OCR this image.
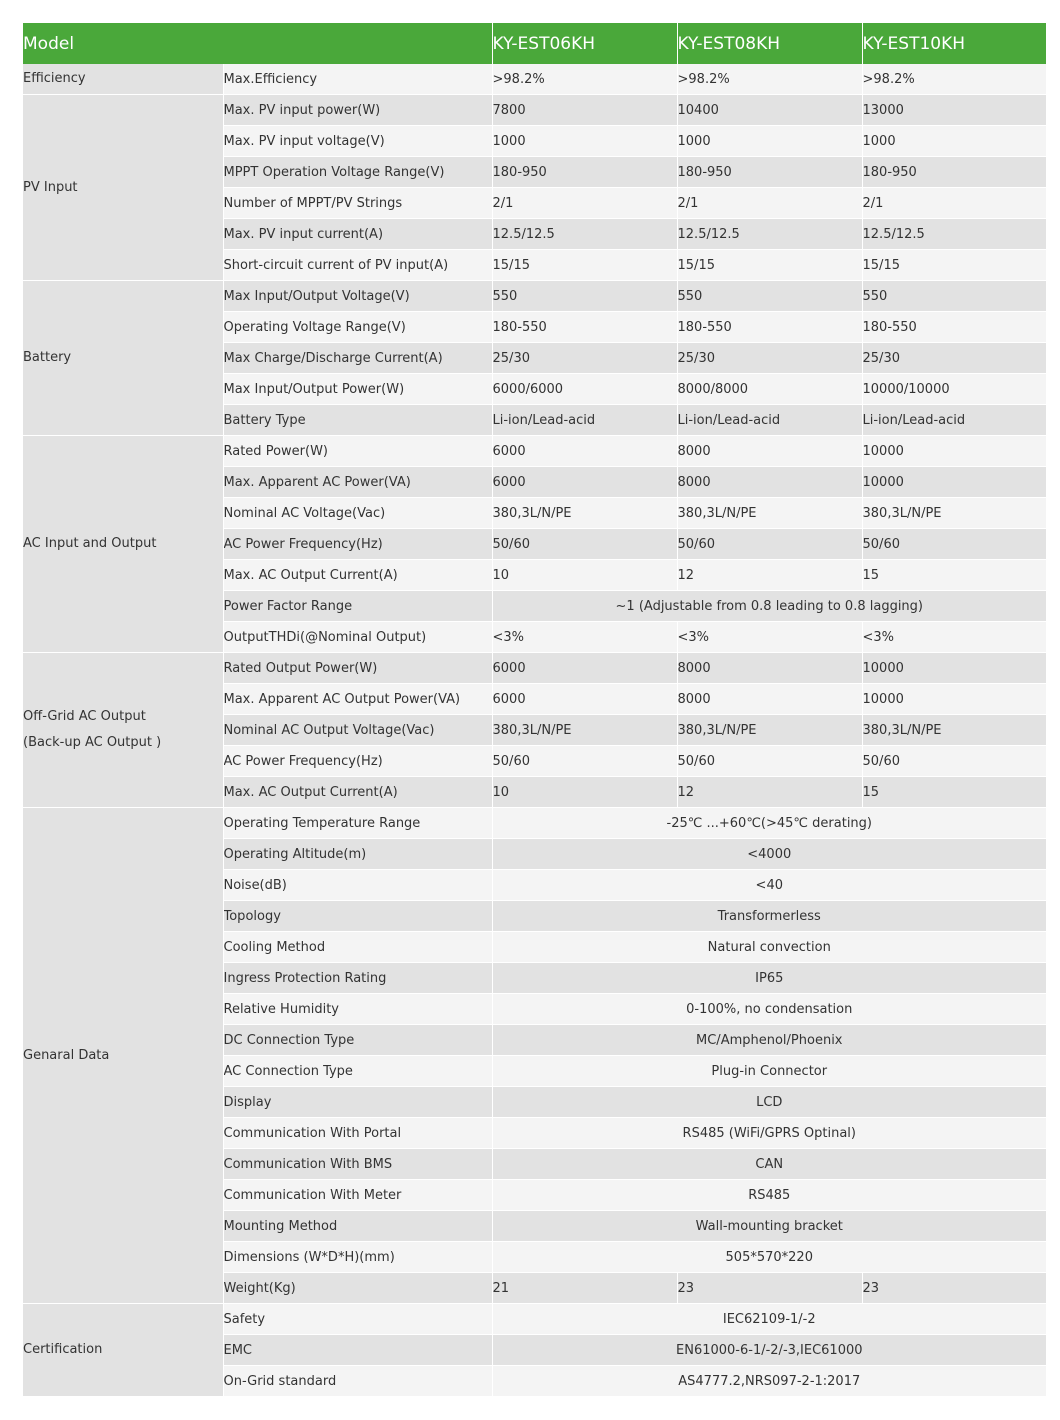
Model		KY-EST06KH	KY-EST08KH	KY-EST10KH

Efficiency	Max.Efficiency	>98.2%	>98.2%	>98.2%

PV Input	Max. PV input power(W)	7800	10400	13000
	Max. PV input voltage(V)	1000	1000	1000
	MPPT Operation Voltage Range(V)	180-950	180-950	180-950
	Number of MPPT/PV Strings	2/1	2/1	2/1
	Max. PV input current(A)	12.5/12.5	12.5/12.5	12.5/12.5
	Short-circuit current of PV input(A)	15/15	15/15	15/15

Battery	Max Input/Output Voltage(V)	550	550	550
	Operating Voltage Range(V)	180-550	180-550	180-550
	Max Charge/Discharge Current(A)	25/30	25/30	25/30
	Max Input/Output Power(W)	6000/6000	8000/8000	10000/10000
	Battery Type	Li-ion/Lead-acid	Li-ion/Lead-acid	Li-ion/Lead-acid

AC Input and Output	Rated Power(W)	6000	8000	10000
	Max. Apparent AC Power(VA)	6000	8000	10000
	Nominal AC Voltage(Vac)	380,3L/N/PE	380,3L/N/PE	380,3L/N/PE
	AC Power Frequency(Hz)	50/60	50/60	50/60
	Max. AC Output Current(A)	10	12	15
	Power Factor Range	~1 (Adjustable from 0.8 leading to 0.8 lagging)		
	OutputTHDi(@Nominal Output)	<3%	<3%	<3%

Off-Grid AC Output
(Back-up AC Output )	Rated Output Power(W)	6000	8000	10000
	Max. Apparent AC Output Power(VA)	6000	8000	10000
	Nominal AC Output Voltage(Vac)	380,3L/N/PE	380,3L/N/PE	380,3L/N/PE
	AC Power Frequency(Hz)	50/60	50/60	50/60
	Max. AC Output Current(A)	10	12	15

Genaral Data	Operating Temperature Range	-25℃ ...+60℃(>45℃ derating)		
	Operating Altitude(m)	<4000		
	Noise(dB)	<40		
	Topology	Transformerless		
	Cooling Method	Natural convection		
	Ingress Protection Rating	IP65		
	Relative Humidity	0-100%, no condensation		
	DC Connection Type	MC/Amphenol/Phoenix		
	AC Connection Type	Plug-in Connector		
	Display	LCD		
	Communication With Portal	RS485 (WiFi/GPRS Optinal)		
	Communication With BMS	CAN		
	Communication With Meter	RS485		
	Mounting Method	Wall-mounting bracket		
	Dimensions (W*D*H)(mm)	505*570*220		
	Weight(Kg)	21	23	23

Certification	Safety	IEC62109-1/-2		
	EMC	EN61000-6-1/-2/-3,IEC61000		
	On-Grid standard	AS4777.2,NRS097-2-1:2017		
